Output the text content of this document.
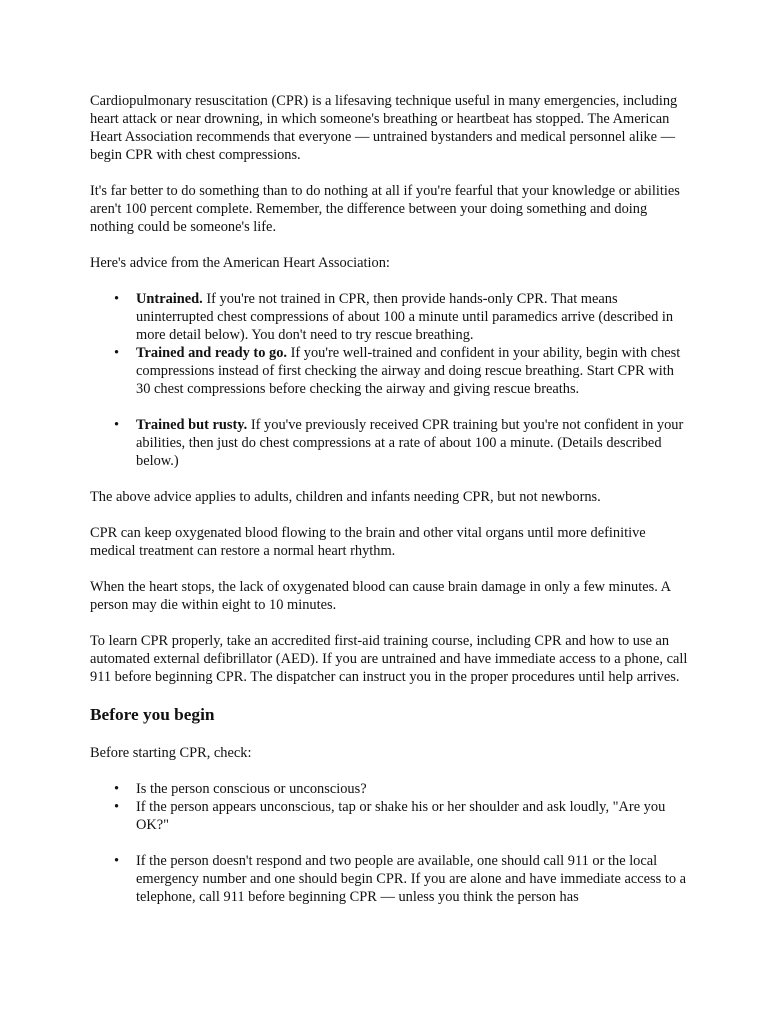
Cardiopulmonary resuscitation (CPR) is a lifesaving technique useful in many emergencies, including heart attack or near drowning, in which someone's breathing or heartbeat has stopped. The American Heart Association recommends that everyone — untrained bystanders and medical personnel alike — begin CPR with chest compressions.

It's far better to do something than to do nothing at all if you're fearful that your knowledge or abilities aren't 100 percent complete. Remember, the difference between your doing something and doing nothing could be someone's life.

Here's advice from the American Heart Association:

• Untrained. If you're not trained in CPR, then provide hands-only CPR. That means uninterrupted chest compressions of about 100 a minute until paramedics arrive (described in more detail below). You don't need to try rescue breathing.
• Trained and ready to go. If you're well-trained and confident in your ability, begin with chest compressions instead of first checking the airway and doing rescue breathing. Start CPR with 30 chest compressions before checking the airway and giving rescue breaths.
• Trained but rusty. If you've previously received CPR training but you're not confident in your abilities, then just do chest compressions at a rate of about 100 a minute. (Details described below.)

The above advice applies to adults, children and infants needing CPR, but not newborns.

CPR can keep oxygenated blood flowing to the brain and other vital organs until more definitive medical treatment can restore a normal heart rhythm.

When the heart stops, the lack of oxygenated blood can cause brain damage in only a few minutes. A person may die within eight to 10 minutes.

To learn CPR properly, take an accredited first-aid training course, including CPR and how to use an automated external defibrillator (AED). If you are untrained and have immediate access to a phone, call 911 before beginning CPR. The dispatcher can instruct you in the proper procedures until help arrives.

Before you begin

Before starting CPR, check:

• Is the person conscious or unconscious?
• If the person appears unconscious, tap or shake his or her shoulder and ask loudly, "Are you OK?"
• If the person doesn't respond and two people are available, one should call 911 or the local emergency number and one should begin CPR. If you are alone and have immediate access to a telephone, call 911 before beginning CPR — unless you think the person has
